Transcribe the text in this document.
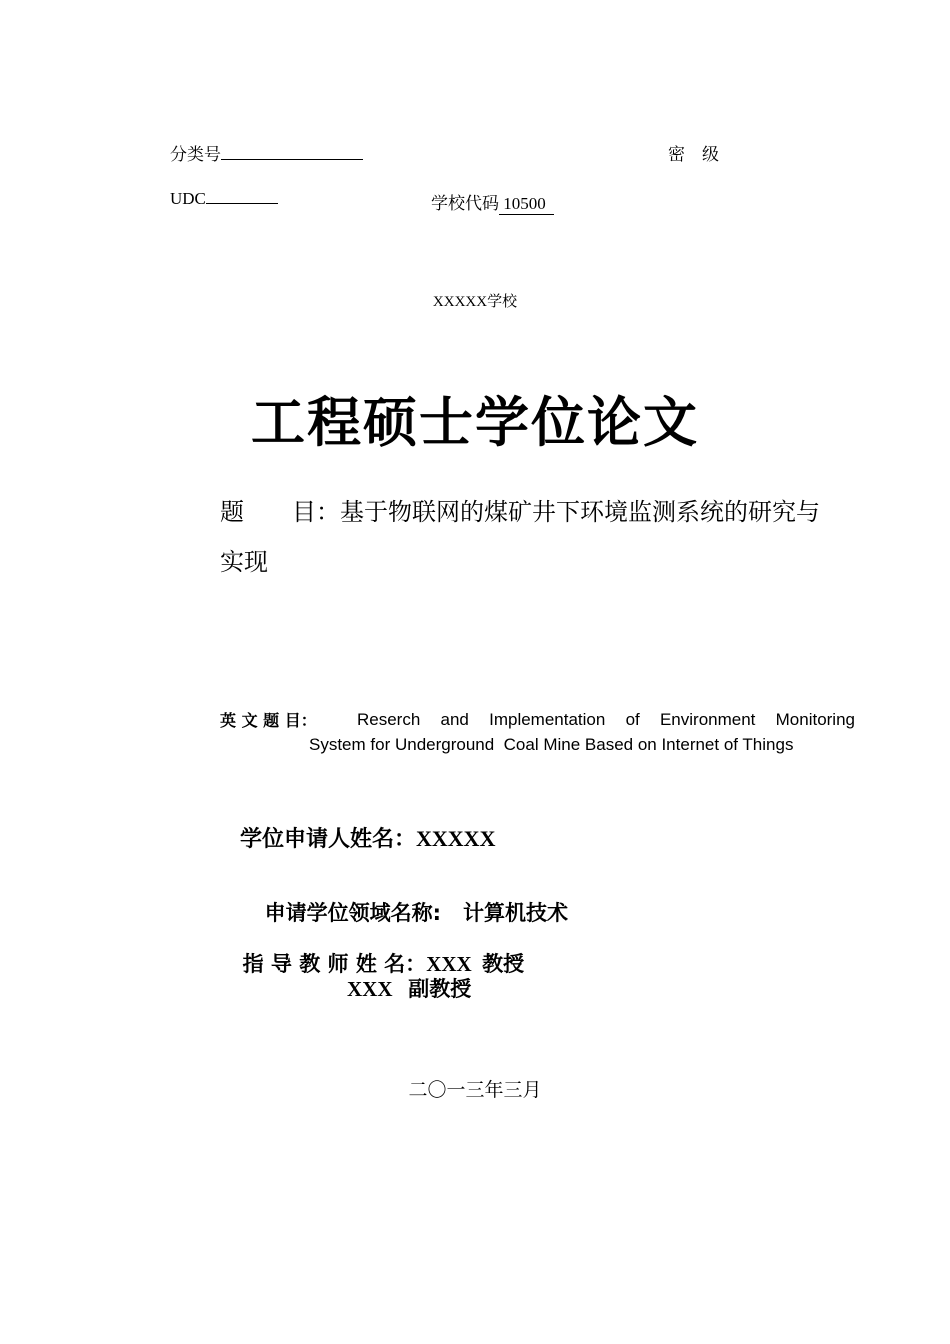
分类号	密　级
UDC	学校代码 10500
XXXXX学校
工程硕士学位论文
题　　目：基于物联网的煤矿井下环境监测系统的研究与
实现
英 文 题 目： Reserch and Implementation of Environment Monitoring
System for Underground  Coal Mine Based on Internet of Things
学位申请人姓名：XXXXX

申请学位领域名称: 计算机技术

指 导 教 师 姓 名：XXX  教授

XXX   副教授
二〇一三年三月
